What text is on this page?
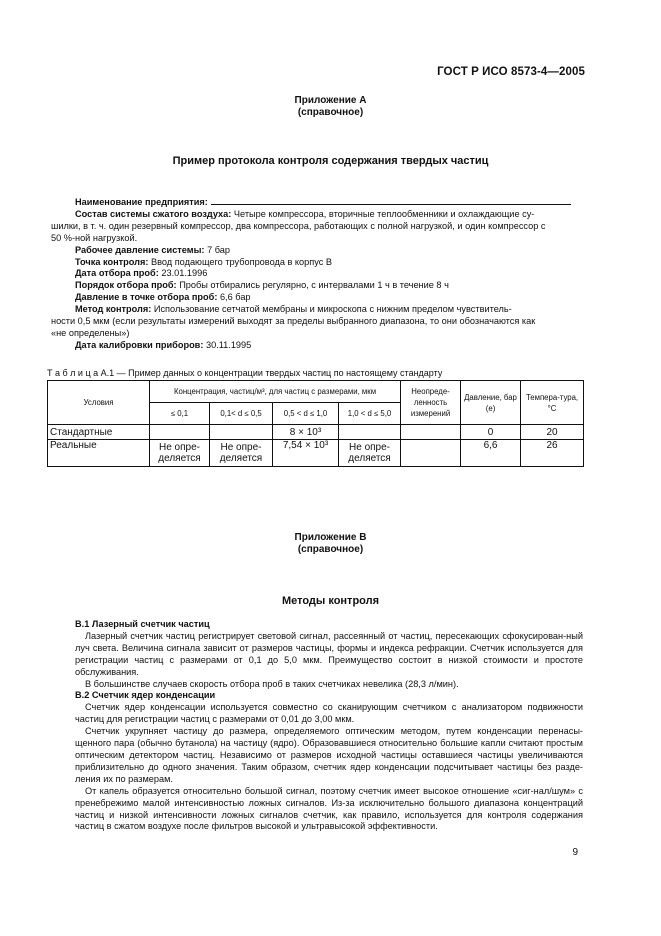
ГОСТ Р ИСО 8573-4—2005
Приложение А
(справочное)
Пример протокола контроля содержания твердых частиц

Наименование предприятия:

Состав системы сжатого воздуха: Четыре компрессора, вторичные теплообменники и охлаждающие су-

шилки, в т. ч. один резервный компрессор, два компрессора, работающих с полной нагрузкой, и один компрессор с

50 %-ной нагрузкой.

Рабочее давление системы: 7 бар

Точка контроля: Ввод подающего трубопровода в корпус В

Дата отбора проб: 23.01.1996

Порядок отбора проб: Пробы отбирались регулярно, с интервалами 1 ч в течение 8 ч

Давление в точке отбора проб: 6,6 бар

Метод контроля: Использование сетчатой мембраны и микроскопа с нижним пределом чувствитель-

ности 0,5 мкм (если результаты измерений выходят за пределы выбранного диапазона, то они обозначаются как

«не определены»)

Дата калибровки приборов: 30.11.1995

Т а б л и ц а А.1 — Пример данных о концентрации твердых частиц по настоящему стандарту
Условия	Концентрация, частиц/м³, для частиц с размерами, мкм				Неопреде-ленность измерений	Давление, бар (е)	Темпера-тура, °С
	≤ 0,1	0,1< d ≤ 0,5	0,5 < d ≤ 1,0	1,0 < d ≤ 5,0			
Стандартные			8 × 10³			0	20
Реальные	Не опре-деляется	Не опре-деляется	7,54 × 10³	Не опре-деляется		6,6	26
Приложение В
(справочное)
Методы контроля

В.1 Лазерный счетчик частиц

Лазерный счетчик частиц регистрирует световой сигнал, рассеянный от частиц, пересекающих сфокусирован-ный луч света. Величина сигнала зависит от размеров частицы, формы и индекса рефракции. Счетчик используется для регистрации частиц с размерами от 0,1 до 5,0 мкм. Преимущество состоит в низкой стоимости и простоте обслуживания.

В большинстве случаев скорость отбора проб в таких счетчиках невелика (28,3 л/мин).

В.2 Счетчик ядер конденсации

Счетчик ядер конденсации используется совместно со сканирующим счетчиком с анализатором подвижности частиц для регистрации частиц с размерами от 0,01 до 3,00 мкм.

Счетчик укрупняет частицу до размера, определяемого оптическим методом, путем конденсации перенасы-щенного пара (обычно бутанола) на частицу (ядро). Образовавшиеся относительно большие капли считают простым оптическим детектором частиц. Независимо от размеров исходной частицы оставшиеся частицы увеличиваются приблизительно до одного значения. Таким образом, счетчик ядер конденсации подсчитывает частицы без разде-ления их по размерам.

От капель образуется относительно большой сигнал, поэтому счетчик имеет высокое отношение «сиг-нал/шум» с пренебрежимо малой интенсивностью ложных сигналов. Из-за исключительно большого диапазона концентраций частиц и низкой интенсивности ложных сигналов счетчик, как правило, используется для контроля содержания частиц в сжатом воздухе после фильтров высокой и ультравысокой эффективности.

9
